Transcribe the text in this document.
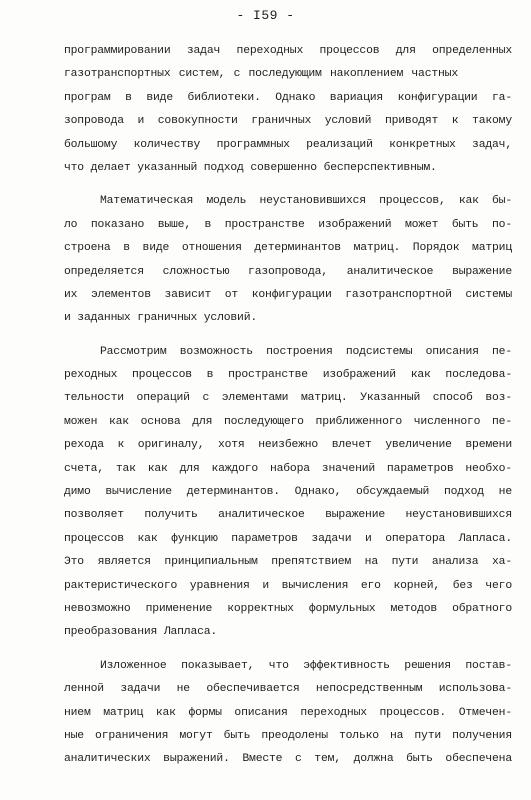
- I59 -
программировании задач переходных процессов для определенных
газотранспортных систем, с последующим накоплением частных
програм в виде библиотеки. Однако вариация конфигурации га-
зопровода и совокупности граничных условий приводят к такому
большому количеству программных реализаций конкретных задач,
что делает указанный подход совершенно бесперспективным.
Математическая модель неустановившихся процессов, как бы-
ло показано выше, в пространстве изображений может быть по-
строена в виде отношения детерминантов матриц. Порядок матриц
определяется сложностью газопровода, аналитическое выражение
их элементов зависит от конфигурации газотранспортной системы
и заданных граничных условий.
Рассмотрим возможность построения подсистемы описания пе-
реходных процессов в пространстве изображений как последова-
тельности операций с элементами матриц. Указанный способ воз-
можен как основа для последующего приближенного численного пе-
рехода к оригиналу, хотя неизбежно влечет увеличение времени
счета, так как для каждого набора значений параметров необхо-
димо вычисление детерминантов. Однако, обсуждаемый подход не
позволяет получить аналитическое выражение неустановившихся
процессов как функцию параметров задачи и оператора Лапласа.
Это является принципиальным препятствием на пути анализа ха-
рактеристического уравнения и вычисления его корней, без чего
невозможно применение корректных формульных методов обратного
преобразования Лапласа.
Изложенное показывает, что эффективность решения постав-
ленной задачи не обеспечивается непосредственным использова-
нием матриц как формы описания переходных процессов. Отмечен-
ные ограничения могут быть преодолены только на пути получения
аналитических выражений. Вместе с тем, должна быть обеспечена
